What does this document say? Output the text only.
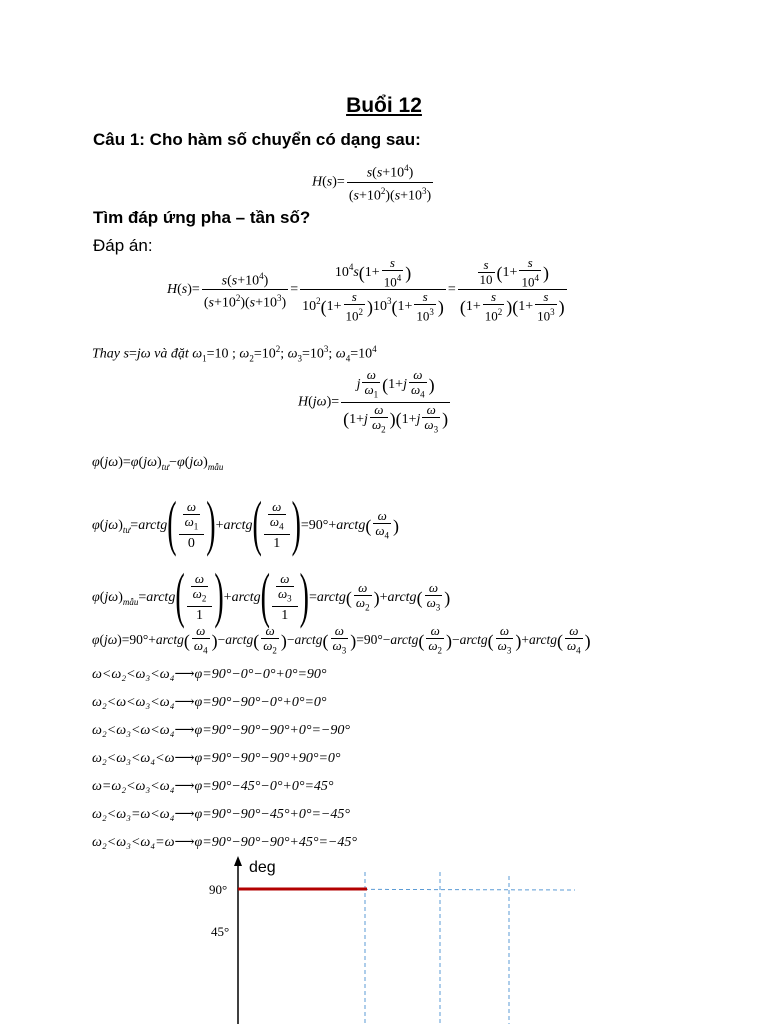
Buổi 12
Câu 1: Cho hàm số chuyển có dạng sau:
$H(s)= \frac{s(s+10^4)}{(s+10^2)(s+10^3)}$
Tìm đáp ứng pha – tần số?
Đáp án:
$H(s)= \frac{s(s+10^4)}{(s+10^2)(s+10^3)} = \frac{10^4s(1+ \frac{s}{10^4} )}{10^2(1+ \frac{s}{10^2} )10^3(1+ \frac{s}{10^3} )} = \frac{\frac{s}{10} (1+ \frac{s}{10^4} )}{(1+ \frac{s}{10^2} )(1+ \frac{s}{10^3} )}$
Thay s=jω và đặt $\omega_1=10$ ; $\omega_2=10^2$; $\omega_3=10^3$; $\omega_4=10^4$
$H(j\omega)= \frac{j \frac{\omega}{\omega_1} (1+j \frac{\omega}{\omega_4} )}{(1+j \frac{\omega}{\omega_2} )(1+j \frac{\omega}{\omega_3} )}$
$\varphi(j\omega)=\varphi(j\omega)_{tư}-\varphi(j\omega)_{mẫu}$
$\varphi(j\omega)_{tư}=arctg( \frac{\frac{\omega}{\omega_1}}{0}$ )+arctg( $\frac{\frac{\omega}{\omega_4}}{1}$ )=90°+arctg( $\frac{\omega}{\omega_4}$ )
$\varphi(j\omega)_{mẫu}=arctg( \frac{\frac{\omega}{\omega_2}}{1}$ )+arctg( $\frac{\frac{\omega}{\omega_3}}{1}$ )=arctg( $\frac{\omega}{\omega_2}$ )+arctg( $\frac{\omega}{\omega_3}$ )
φ(jω)=90°+arctg( $\frac{\omega}{\omega_4}$ )−arctg( $\frac{\omega}{\omega_2}$ )−arctg( $\frac{\omega}{\omega_3}$ )=90°−arctg( $\frac{\omega}{\omega_2}$ )−arctg( $\frac{\omega}{\omega_3}$ )+arctg( $\frac{\omega}{\omega_4}$ )
ω<ω₂<ω₃<ω₄⟶φ=90°−0°−0°+0°=90°
ω₂<ω<ω₃<ω₄⟶φ=90°−90°−0°+0°=0°
ω₂<ω₃<ω<ω₄⟶φ=90°−90°−90°+0°=−90°
ω₂<ω₃<ω₄<ω⟶φ=90°−90°−90°+90°=0°
ω=ω₂<ω₃<ω₄⟶φ=90°−45°−0°+0°=45°
ω₂<ω₃=ω<ω₄⟶φ=90°−90°−45°+0°=−45°
ω₂<ω₃<ω₄=ω⟶φ=90°−90°−90°+45°=−45°
deg
90°
45°
